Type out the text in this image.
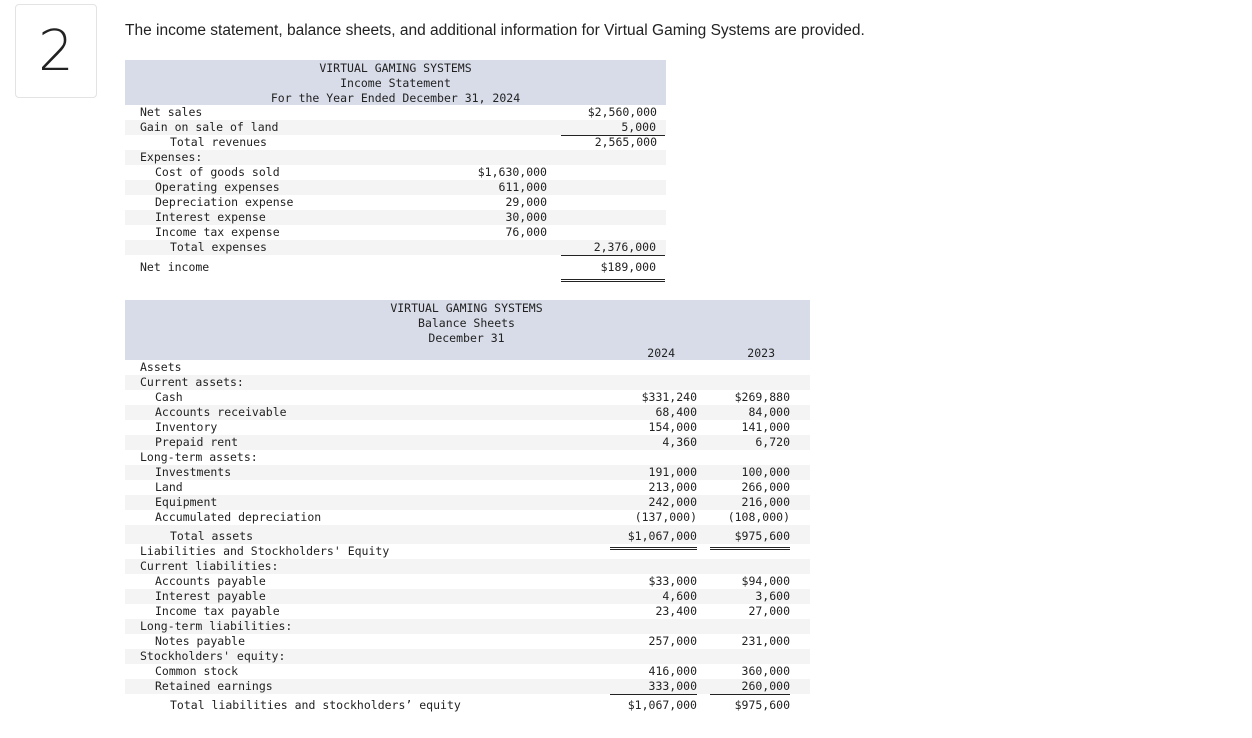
2	The income statement, balance sheets, and additional information for Virtual Gaming Systems are provided.
VIRTUAL GAMING SYSTEMS
Income Statement
For the Year Ended December 31, 2024
Net sales	$2,560,000
Gain on sale of land	5,000
Total revenues	2,565,000
Expenses:
Cost of goods sold	$1,630,000
Operating expenses	611,000
Depreciation expense	29,000
Interest expense	30,000
Income tax expense	76,000
Total expenses	2,376,000
Net income	$189,000
VIRTUAL GAMING SYSTEMS
Balance Sheets
December 31
2024	2023
Assets
Current assets:
Cash	$331,240	$269,880
Accounts receivable	68,400	84,000
Inventory	154,000	141,000
Prepaid rent	4,360	6,720
Long-term assets:
Investments	191,000	100,000
Land	213,000	266,000
Equipment	242,000	216,000
Accumulated depreciation	(137,000)	(108,000)
Total assets	$1,067,000	$975,600
Liabilities and Stockholders' Equity
Current liabilities:
Accounts payable	$33,000	$94,000
Interest payable	4,600	3,600
Income tax payable	23,400	27,000
Long-term liabilities:
Notes payable	257,000	231,000
Stockholders' equity:
Common stock	416,000	360,000
Retained earnings	333,000	260,000
Total liabilities and stockholders’ equity	$1,067,000	$975,600
